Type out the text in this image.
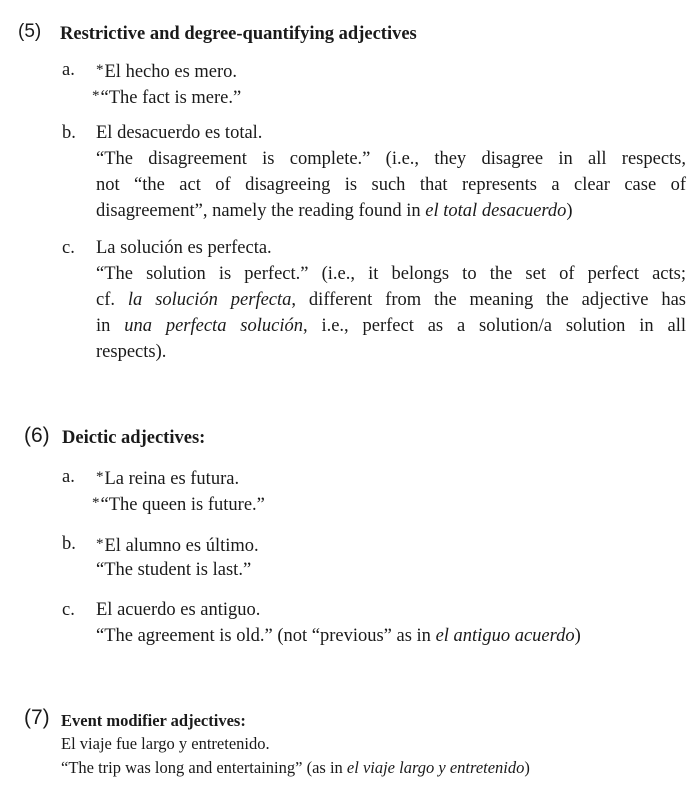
(5) Restrictive and degree-quantifying adjectives
a. *El hecho es mero.
*“The fact is mere.”
b. El desacuerdo es total.
“The disagreement is complete.” (i.e., they disagree in all respects,
not “the act of disagreeing is such that represents a clear case of
disagreement”, namely the reading found in el total desacuerdo)
c. La solución es perfecta.
“The solution is perfect.” (i.e., it belongs to the set of perfect acts;
cf. la solución perfecta, different from the meaning the adjective has
in una perfecta solución, i.e., perfect as a solution/a solution in all
respects).
(6) Deictic adjectives:
a. *La reina es futura.
*“The queen is future.”
b. *El alumno es último.
“The student is last.”
c. El acuerdo es antiguo.
“The agreement is old.” (not “previous” as in el antiguo acuerdo)
(7) Event modifier adjectives:
El viaje fue largo y entretenido.
“The trip was long and entertaining” (as in el viaje largo y entretenido)
